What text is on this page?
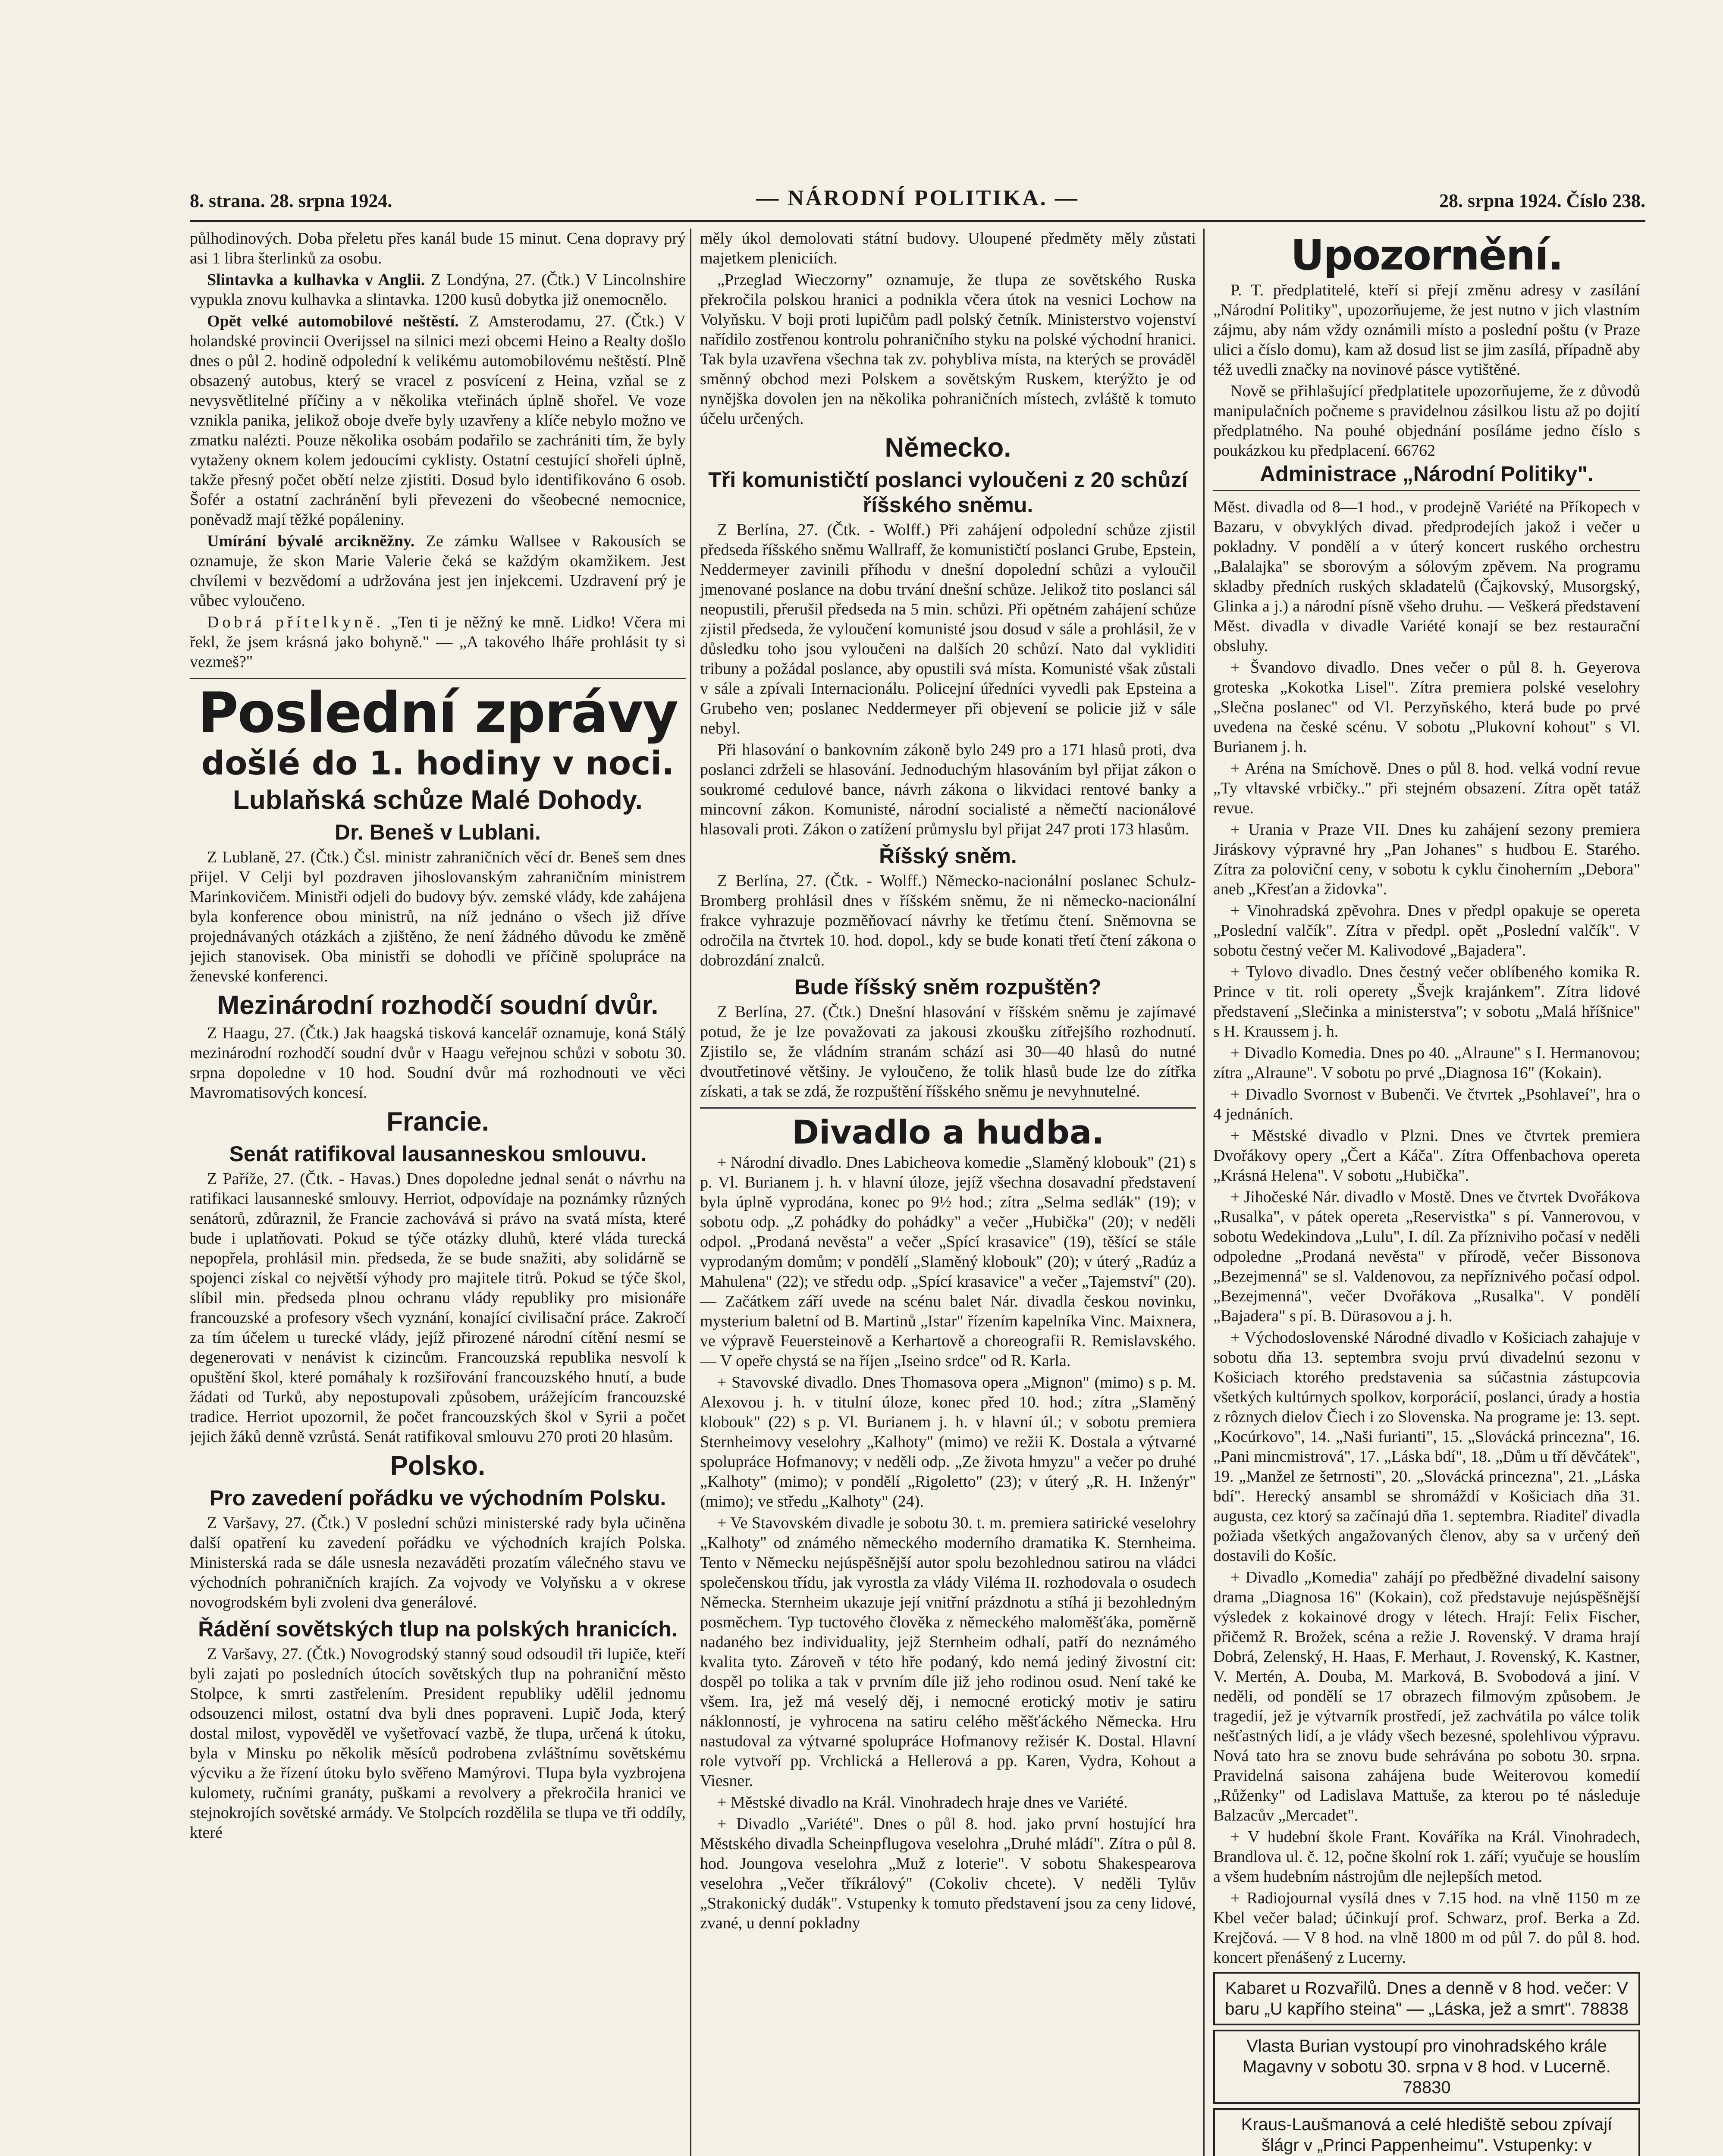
8. strana. 28. srpna 1924.	— NÁRODNÍ POLITIKA. —	28. srpna 1924. Číslo 238.

půlhodinových. Doba přeletu přes kanál bude 15 minut. Cena dopravy prý asi 1 libra šterlinků za osobu.

Slintavka a kulhavka v Anglii. Z Londýna, 27. (Čtk.) V Lincolnshire vypukla znovu kulhavka a slintavka. 1200 kusů dobytka již onemocnělo.

Opět velké automobilové neštěstí. Z Amsterodamu, 27. (Čtk.) V holandské provincii Overijssel na silnici mezi obcemi Heino a Realty došlo dnes o půl 2. hodině odpolední k velikému automobilovému neštěstí. Plně obsazený autobus, který se vracel z posvícení z Heina, vzňal se z nevysvětlitelné příčiny a v několika vteřinách úplně shořel. Ve voze vznikla panika, jelikož oboje dveře byly uzavřeny a klíče nebylo možno ve zmatku nalézti. Pouze několika osobám podařilo se zachrániti tím, že byly vytaženy oknem kolem jedoucími cyklisty. Ostatní cestující shořeli úplně, takže přesný počet obětí nelze zjistiti. Dosud bylo identifikováno 6 osob. Šofér a ostatní zachránění byli převezeni do všeobecné nemocnice, poněvadž mají těžké popáleniny.

Umírání bývalé arcikněžny. Ze zámku Wallsee v Rakousích se oznamuje, že skon Marie Valerie čeká se každým okamžikem. Jest chvílemi v bezvědomí a udržována jest jen injekcemi. Uzdravení prý je vůbec vyloučeno.

Dobrá přítelkyně. „Ten ti je něžný ke mně. Lidko! Včera mi řekl, že jsem krásná jako bohyně." — „A takového lháře prohlásit ty si vezmeš?"

Poslední zprávy
došlé do 1. hodiny v noci.
Lublaňská schůze Malé Dohody.
Dr. Beneš v Lublani.

Z Lublaně, 27. (Čtk.) Čsl. ministr zahraničních věcí dr. Beneš sem dnes přijel. V Celji byl pozdraven jihoslovanským zahraničním ministrem Marinkovičem. Ministři odjeli do budovy býv. zemské vlády, kde zahájena byla konference obou ministrů, na níž jednáno o všech již dříve projednávaných otázkách a zjištěno, že není žádného důvodu ke změně jejich stanovisek. Oba ministři se dohodli ve příčině spolupráce na ženevské konferenci.

Mezinárodní rozhodčí soudní dvůr.

Z Haagu, 27. (Čtk.) Jak haagská tisková kancelář oznamuje, koná Stálý mezinárodní rozhodčí soudní dvůr v Haagu veřejnou schůzi v sobotu 30. srpna dopoledne v 10 hod. Soudní dvůr má rozhodnouti ve věci Mavromatisových koncesí.

Francie.
Senát ratifikoval lausanneskou smlouvu.

Z Paříže, 27. (Čtk. - Havas.) Dnes dopoledne jednal senát o návrhu na ratifikaci lausanneské smlouvy. Herriot, odpovídaje na poznámky různých senátorů, zdůraznil, že Francie zachovává si právo na svatá místa, které bude i uplatňovati. Pokud se týče otázky dluhů, které vláda turecká nepopřela, prohlásil min. předseda, že se bude snažiti, aby solidárně se spojenci získal co největší výhody pro majitele titrů. Pokud se týče škol, slíbil min. předseda plnou ochranu vlády republiky pro misionáře francouzské a profesory všech vyznání, konající civilisační práce. Zakročí za tím účelem u turecké vlády, jejíž přirozené národní cítění nesmí se degenerovati v nenávist k cizincům. Francouzská republika nesvolí k opuštění škol, které pomáhaly k rozšiřování francouzského hnutí, a bude žádati od Turků, aby nepostupovali způsobem, urážejícím francouzské tradice. Herriot upozornil, že počet francouzských škol v Syrii a počet jejich žáků denně vzrůstá. Senát ratifikoval smlouvu 270 proti 20 hlasům.

Polsko.
Pro zavedení pořádku ve východním Polsku.

Z Varšavy, 27. (Čtk.) V poslední schůzi ministerské rady byla učiněna další opatření ku zavedení pořádku ve východních krajích Polska. Ministerská rada se dále usnesla nezaváděti prozatím válečného stavu ve východních pohraničních krajích. Za vojvody ve Volyňsku a v okrese novogrodském byli zvoleni dva generálové.

Řádění sovětských tlup na polských hranicích.

Z Varšavy, 27. (Čtk.) Novogrodský stanný soud odsoudil tři lupiče, kteří byli zajati po posledních útocích sovětských tlup na pohraniční město Stolpce, k smrti zastřelením. President republiky udělil jednomu odsouzenci milost, ostatní dva byli dnes popraveni. Lupič Joda, který dostal milost, vypověděl ve vyšetřovací vazbě, že tlupa, určená k útoku, byla v Minsku po několik měsíců podrobena zvláštnímu sovětskému výcviku a že řízení útoku bylo svěřeno Mamýrovi. Tlupa byla vyzbrojena kulomety, ručními granáty, puškami a revolvery a překročila hranici ve stejnokrojích sovětské armády. Ve Stolpcích rozdělila se tlupa ve tři oddíly, které

měly úkol demolovati státní budovy. Uloupené předměty měly zůstati majetkem pleniciích.

„Przeglad Wieczorny" oznamuje, že tlupa ze sovětského Ruska překročila polskou hranici a podnikla včera útok na vesnici Lochow na Volyňsku. V boji proti lupičům padl polský četník. Ministerstvo vojenství nařídilo zostřenou kontrolu pohraničního styku na polské východní hranici. Tak byla uzavřena všechna tak zv. pohybliva místa, na kterých se prováděl směnný obchod mezi Polskem a sovětským Ruskem, kterýžto je od nynějška dovolen jen na několika pohraničních místech, zvláště k tomuto účelu určených.

Německo.
Tři komunističtí poslanci vyloučeni z 20 schůzí říšského sněmu.

Z Berlína, 27. (Čtk. - Wolff.) Při zahájení odpolední schůze zjistil předseda říšského sněmu Wallraff, že komunističtí poslanci Grube, Epstein, Neddermeyer zavinili příhodu v dnešní dopolední schůzi a vyloučil jmenované poslance na dobu trvání dnešní schůze. Jelikož tito poslanci sál neopustili, přerušil předseda na 5 min. schůzi. Při opětném zahájení schůze zjistil předseda, že vyloučení komunisté jsou dosud v sále a prohlásil, že v důsledku toho jsou vyloučeni na dalších 20 schůzí. Nato dal vykliditi tribuny a požádal poslance, aby opustili svá místa. Komunisté však zůstali v sále a zpívali Internacionálu. Policejní úředníci vyvedli pak Epsteina a Grubeho ven; poslanec Neddermeyer při objevení se policie již v sále nebyl.

Při hlasování o bankovním zákoně bylo 249 pro a 171 hlasů proti, dva poslanci zdrželi se hlasování. Jednoduchým hlasováním byl přijat zákon o soukromé cedulové bance, návrh zákona o likvidaci rentové banky a mincovní zákon. Komunisté, národní socialisté a němečtí nacionálové hlasovali proti. Zákon o zatížení průmyslu byl přijat 247 proti 173 hlasům.

Říšský sněm.

Z Berlína, 27. (Čtk. - Wolff.) Německo-nacionální poslanec Schulz-Bromberg prohlásil dnes v říšském sněmu, že ni německo-nacionální frakce vyhrazuje pozměňovací návrhy ke třetímu čtení. Sněmovna se odročila na čtvrtek 10. hod. dopol., kdy se bude konati třetí čtení zákona o dobrozdání znalců.

Bude říšský sněm rozpuštěn?

Z Berlína, 27. (Čtk.) Dnešní hlasování v říšském sněmu je zajímavé potud, že je lze považovati za jakousi zkoušku zítřejšího rozhodnutí. Zjistilo se, že vládním stranám schází asi 30—40 hlasů do nutné dvoutřetinové většiny. Je vyloučeno, že tolik hlasů bude lze do zítřka získati, a tak se zdá, že rozpuštění říšského sněmu je nevyhnutelné.

Divadlo a hudba.

+ Národní divadlo. Dnes Labicheova komedie „Slaměný klobouk" (21) s p. Vl. Burianem j. h. v hlavní úloze, jejíž všechna dosavadní představení byla úplně vyprodána, konec po 9½ hod.; zítra „Selma sedlák" (19); v sobotu odp. „Z pohádky do pohádky" a večer „Hubička" (20); v neděli odpol. „Prodaná nevěsta" a večer „Spící krasavice" (19), těšící se stále vyprodaným domům; v pondělí „Slaměný klobouk" (20); v úterý „Radúz a Mahulena" (22); ve středu odp. „Spící krasavice" a večer „Tajemství" (20). — Začátkem září uvede na scénu balet Nár. divadla českou novinku, mysterium baletní od B. Martinů „Istar" řízením kapelníka Vinc. Maixnera, ve výpravě Feuersteinově a Kerhartově a choreografii R. Remislavského. — V opeře chystá se na říjen „Iseino srdce" od R. Karla.

+ Stavovské divadlo. Dnes Thomasova opera „Mignon" (mimo) s p. M. Alexovou j. h. v titulní úloze, konec před 10. hod.; zítra „Slaměný klobouk" (22) s p. Vl. Burianem j. h. v hlavní úl.; v sobotu premiera Sternheimovy veselohry „Kalhoty" (mimo) ve režii K. Dostala a výtvarné spolupráce Hofmanovy; v neděli odp. „Ze života hmyzu" a večer po druhé „Kalhoty" (mimo); v pondělí „Rigoletto" (23); v úterý „R. H. Inženýr" (mimo); ve středu „Kalhoty" (24).

+ Ve Stavovském divadle je sobotu 30. t. m. premiera satirické veselohry „Kalhoty" od známého německého moderního dramatika K. Sternheima. Tento v Německu nejúspěšnější autor spolu bezohlednou satirou na vládci společenskou třídu, jak vyrostla za vlády Viléma II. rozhodovala o osudech Německa. Sternheim ukazuje její vnitřní prázdnotu a stíhá ji bezohledným posměchem. Typ tuctového člověka z německého maloměšťáka, poměrně nadaného bez individuality, jejž Sternheim odhalí, patří do neznámého kvalita tyto. Zároveň v této hře podaný, kdo nemá jediný živostní cit: dospěl po tolika a tak v prvním díle již jeho rodinou osud. Není také ke všem. Ira, jež má veselý děj, i nemocné erotický motiv je satiru náklonností, je vyhrocena na satiru celého měšťáckého Německa. Hru nastudoval za výtvarné spolupráce Hofmanovy režisér K. Dostal. Hlavní role vytvoří pp. Vrchlická a Hellerová a pp. Karen, Vydra, Kohout a Viesner.

+ Městské divadlo na Král. Vinohradech hraje dnes ve Variété.

+ Divadlo „Variété". Dnes o půl 8. hod. jako první hostující hra Městského divadla Scheinpflugova veselohra „Druhé mládí". Zítra o půl 8. hod. Joungova veselohra „Muž z loterie". V sobotu Shakespearova veselohra „Večer tříkrálový" (Cokoliv chcete). V neděli Tylův „Strakonický dudák". Vstupenky k tomuto představení jsou za ceny lidové, zvané, u denní pokladny

Upozornění.

P. T. předplatitelé, kteří si přejí změnu adresy v zasílání „Národní Politiky", upozorňujeme, že jest nutno v jich vlastním zájmu, aby nám vždy oznámili místo a poslední poštu (v Praze ulici a číslo domu), kam až dosud list se jim zasílá, případně aby též uvedli značky na novinové pásce vytištěné.

Nově se přihlašující předplatitele upozorňujeme, že z důvodů manipulačních počneme s pravidelnou zásilkou listu až po dojití předplatného. Na pouhé objednání posíláme jedno číslo s poukázkou ku předplacení. 66762

Administrace „Národní Politiky".

Měst. divadla od 8—1 hod., v prodejně Variété na Příkopech v Bazaru, v obvyklých divad. předprodejích jakož i večer u pokladny. V pondělí a v úterý koncert ruského orchestru „Balalajka" se sborovým a sólovým zpěvem. Na programu skladby předních ruských skladatelů (Čajkovský, Musorgský, Glinka a j.) a národní písně všeho druhu. — Veškerá představení Měst. divadla v divadle Variété konají se bez restaurační obsluhy.

+ Švandovo divadlo. Dnes večer o půl 8. h. Geyerova groteska „Kokotka Lisel". Zítra premiera polské veselohry „Slečna poslanec" od Vl. Perzyňského, která bude po prvé uvedena na české scénu. V sobotu „Plukovní kohout" s Vl. Burianem j. h.

+ Aréna na Smíchově. Dnes o půl 8. hod. velká vodní revue „Ty vltavské vrbičky.." při stejném obsazení. Zítra opět tatáž revue.

+ Urania v Praze VII. Dnes ku zahájení sezony premiera Jiráskovy výpravné hry „Pan Johanes" s hudbou E. Starého. Zítra za poloviční ceny, v sobotu k cyklu činoherním „Debora" aneb „Křesťan a židovka".

+ Vinohradská zpěvohra. Dnes v předpl opakuje se opereta „Poslední valčík". Zítra v předpl. opět „Poslední valčík". V sobotu čestný večer M. Kalivodové „Bajadera".

+ Tylovo divadlo. Dnes čestný večer oblíbeného komika R. Prince v tit. roli operety „Švejk krajánkem". Zítra lidové představení „Slečinka a ministerstva"; v sobotu „Malá hříšnice" s H. Kraussem j. h.

+ Divadlo Komedia. Dnes po 40. „Alraune" s I. Hermanovou; zítra „Alraune". V sobotu po prvé „Diagnosa 16" (Kokain).

+ Divadlo Svornost v Bubenči. Ve čtvrtek „Psohlaveí", hra o 4 jednáních.

+ Městské divadlo v Plzni. Dnes ve čtvrtek premiera Dvořákovy opery „Čert a Káča". Zítra Offenbachova opereta „Krásná Helena". V sobotu „Hubička".

+ Jihočeské Nár. divadlo v Mostě. Dnes ve čtvrtek Dvořákova „Rusalka", v pátek opereta „Reservistka" s pí. Vannerovou, v sobotu Wedekindova „Lulu", I. díl. Za přízniviho počasí v neděli odpoledne „Prodaná nevěsta" v přírodě, večer Bissonova „Bezejmenná" se sl. Valdenovou, za nepříznivého počasí odpol. „Bezejmenná", večer Dvořákova „Rusalka". V pondělí „Bajadera" s pí. B. Dürasovou a j. h.

+ Východoslovenské Národné divadlo v Košiciach zahajuje v sobotu dňa 13. septembra svoju prvú divadelnú sezonu v Košiciach ktorého predstavenia sa súčastnia zástupcovia všetkých kultúrnych spolkov, korporácií, poslanci, úrady a hostia z rôznych dielov Čiech i zo Slovenska. Na programe je: 13. sept. „Kocúrkovo", 14. „Naši furianti", 15. „Slovácká princezna", 16. „Pani mincmistrová", 17. „Láska bdí", 18. „Dům u tří děvčátek", 19. „Manžel ze šetrnosti", 20. „Slovácká princezna", 21. „Láska bdí". Herecký ansambl se shromáždí v Košiciach dňa 31. augusta, cez ktorý sa začínajú dňa 1. septembra. Riaditeľ divadla požiada všetkých angažovaných členov, aby sa v určený deň dostavili do Košíc.

+ Divadlo „Komedia" zahájí po předběžné divadelní saisony drama „Diagnosa 16" (Kokain), což představuje nejúspěšnější výsledek z kokainové drogy v létech. Hrají: Felix Fischer, přičemž R. Brožek, scéna a režie J. Rovenský. V drama hrají Dobrá, Zelenský, H. Haas, F. Merhaut, J. Rovenský, K. Kastner, V. Mertén, A. Douba, M. Marková, B. Svobodová a jiní. V neděli, od pondělí se 17 obrazech filmovým způsobem. Je tragedií, jež je výtvarník prostředí, jež zachvátila po válce tolik nešťastných lidí, a je vlády všech bezesné, spolehlivou výpravu. Nová tato hra se znovu bude sehrávána po sobotu 30. srpna. Pravidelná saisona zahájena bude Weiterovou komedií „Růženky" od Ladislava Mattuše, za kterou po té následuje Balzacův „Mercadet".

+ V hudební škole Frant. Kováříka na Král. Vinohradech, Brandlova ul. č. 12, počne školní rok 1. září; vyučuje se houslím a všem hudebním nástrojům dle nejlepších metod.

+ Radiojournal vysílá dnes v 7.15 hod. na vlně 1150 m ze Kbel večer balad; účinkují prof. Schwarz, prof. Berka a Zd. Krejčová. — V 8 hod. na vlně 1800 m od půl 7. do půl 8. hod. koncert přenášený z Lucerny.

Kabaret u Rozvařilů. Dnes a denně v 8 hod. večer: V baru „U kapřího steina" — „Láska, jež a smrt". 78838
Vlasta Burian vystoupí pro vinohradského krále Magavny v sobotu 30. srpna v 8 hod. v Lucerně. 78830
Kraus-Laušmanová a celé hlediště sebou zpívají šlágr v „Princi Pappenheimu". Vstupenky: v
